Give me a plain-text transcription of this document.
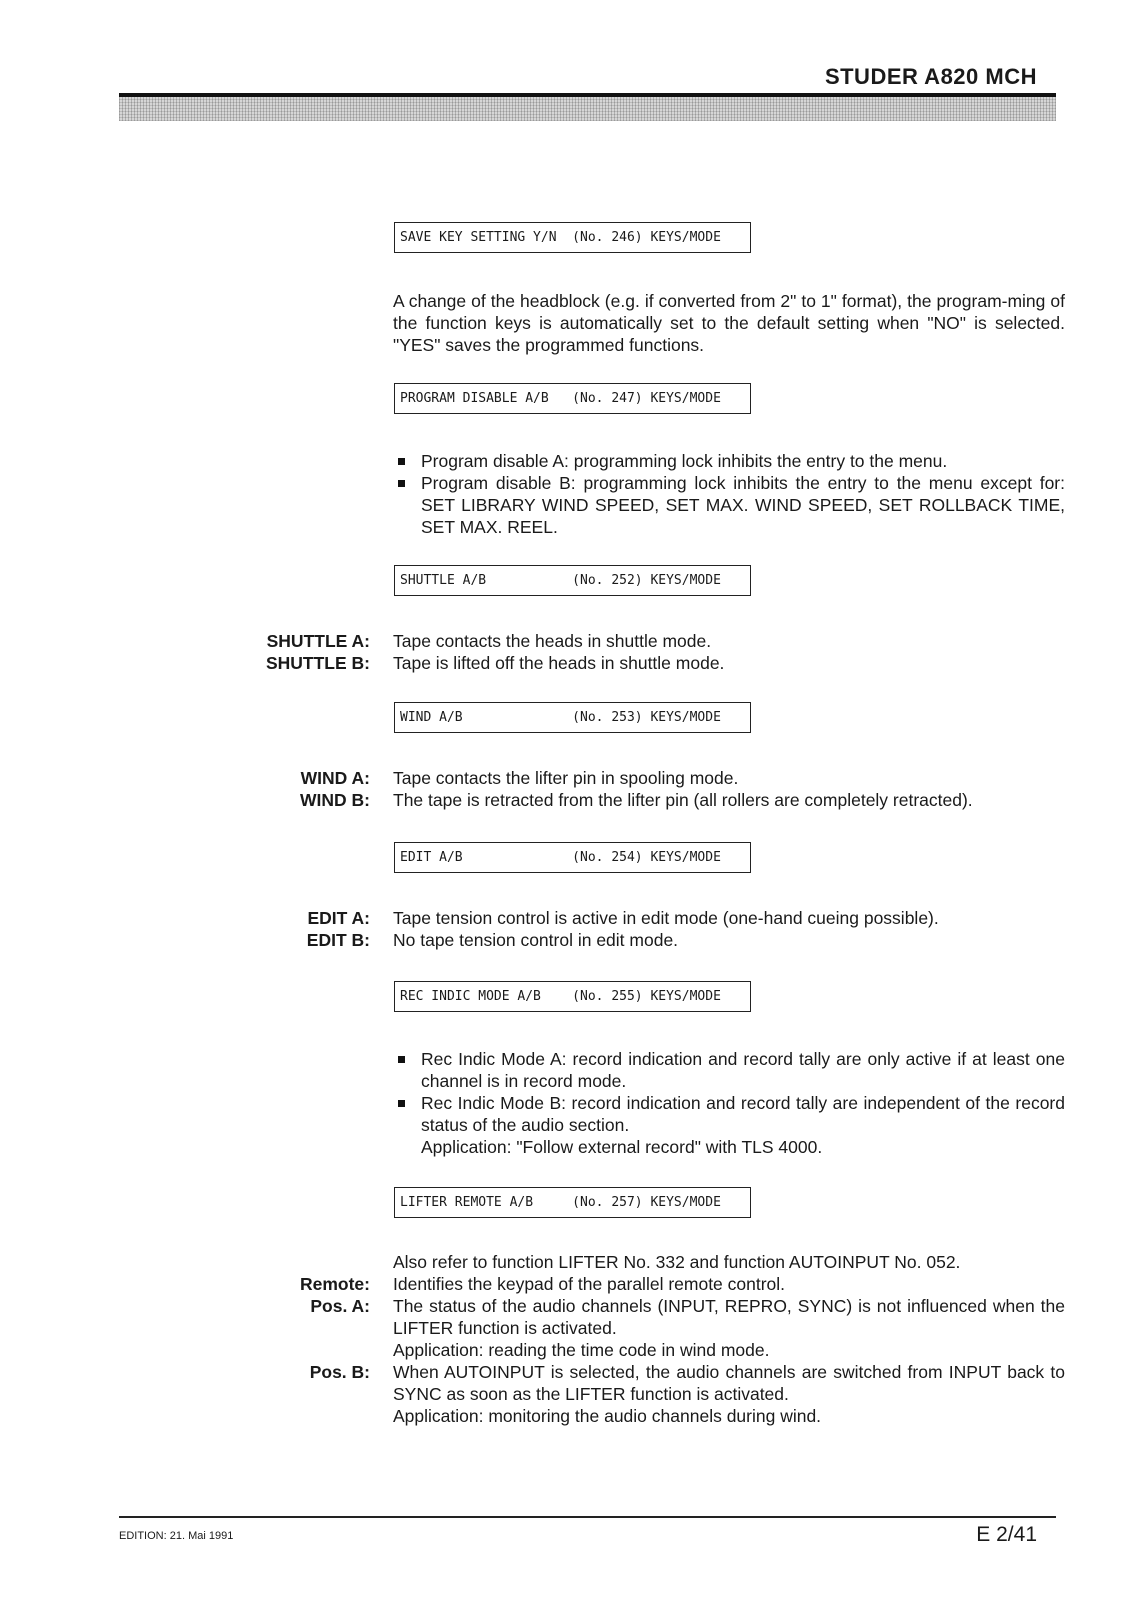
STUDER A820 MCH
SAVE KEY SETTING Y/N  (No. 246) KEYS/MODE
A change of the headblock (e.g. if converted from 2" to 1" format), the program-ming of the function keys is automatically set to the default setting when "NO" is selected. "YES" saves the programmed functions.
PROGRAM DISABLE A/B   (No. 247) KEYS/MODE
Program disable A: programming lock inhibits the entry to the menu.
Program disable B: programming lock inhibits the entry to the menu except for: SET LIBRARY WIND SPEED, SET MAX. WIND SPEED, SET ROLLBACK TIME, SET MAX. REEL.
SHUTTLE A/B           (No. 252) KEYS/MODE
SHUTTLE A: Tape contacts the heads in shuttle mode.
SHUTTLE B: Tape is lifted off the heads in shuttle mode.
WIND A/B              (No. 253) KEYS/MODE
WIND A: Tape contacts the lifter pin in spooling mode.
WIND B: The tape is retracted from the lifter pin (all rollers are completely retracted).
EDIT A/B              (No. 254) KEYS/MODE
EDIT A: Tape tension control is active in edit mode (one-hand cueing possible).
EDIT B: No tape tension control in edit mode.
REC INDIC MODE A/B    (No. 255) KEYS/MODE
Rec Indic Mode A: record indication and record tally are only active if at least one channel is in record mode.
Rec Indic Mode B: record indication and record tally are independent of the record status of the audio section.
Application: "Follow external record" with TLS 4000.
LIFTER REMOTE A/B     (No. 257) KEYS/MODE
Also refer to function LIFTER No. 332 and function AUTOINPUT No. 052.
Remote: Identifies the keypad of the parallel remote control.
Pos. A: The status of the audio channels (INPUT, REPRO, SYNC) is not influenced when the LIFTER function is activated.
Application: reading the time code in wind mode.
Pos. B: When AUTOINPUT is selected, the audio channels are switched from INPUT back to SYNC as soon as the LIFTER function is activated.
Application: monitoring the audio channels during wind.
EDITION: 21. Mai 1991	E 2/41
